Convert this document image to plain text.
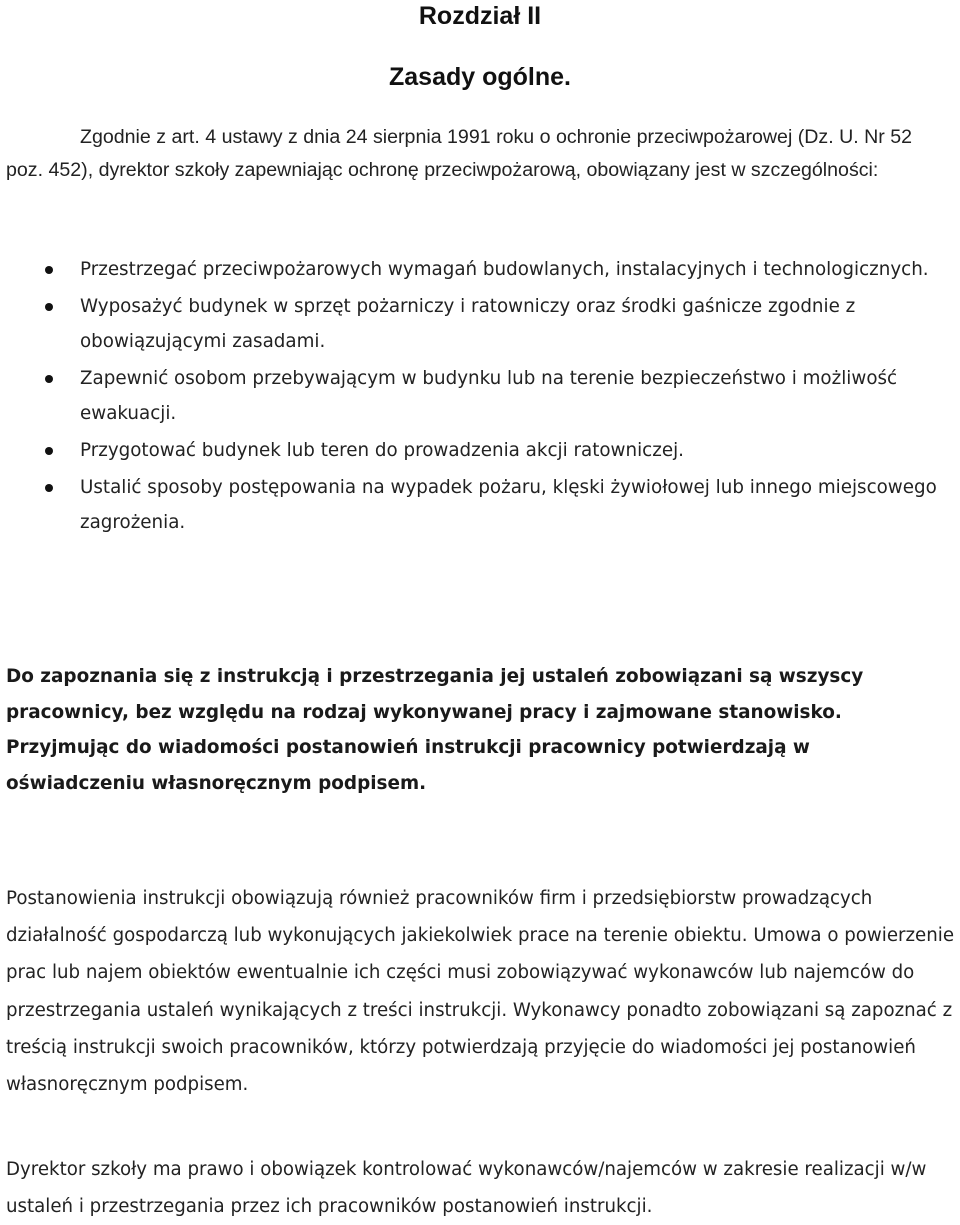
Rozdział II
Zasady ogólne.

Zgodnie z art. 4 ustawy z dnia 24 sierpnia 1991 roku o ochronie przeciwpożarowej (Dz. U. Nr 52 poz. 452), dyrektor szkoły zapewniając ochronę przeciwpożarową, obowiązany jest w szczególności:

Przestrzegać przeciwpożarowych wymagań budowlanych, instalacyjnych i technologicznych.
Wyposażyć budynek w sprzęt pożarniczy i ratowniczy oraz środki gaśnicze zgodnie z obowiązującymi zasadami.
Zapewnić osobom przebywającym w budynku lub na terenie bezpieczeństwo i możliwość ewakuacji.
Przygotować budynek lub teren do prowadzenia akcji ratowniczej.
Ustalić sposoby postępowania na wypadek pożaru, klęski żywiołowej lub innego miejscowego zagrożenia.

Do zapoznania się z instrukcją i przestrzegania jej ustaleń zobowiązani są wszyscy pracownicy, bez względu na rodzaj wykonywanej pracy i zajmowane stanowisko. Przyjmując do wiadomości postanowień instrukcji pracownicy potwierdzają w oświadczeniu własnoręcznym podpisem.

Postanowienia instrukcji obowiązują również pracowników firm i przedsiębiorstw prowadzących działalność gospodarczą lub wykonujących jakiekolwiek prace na terenie obiektu. Umowa o powierzenie prac lub najem obiektów ewentualnie ich części musi zobowiązywać wykonawców lub najemców do przestrzegania ustaleń wynikających z treści instrukcji. Wykonawcy ponadto zobowiązani są zapoznać z treścią instrukcji swoich pracowników, którzy potwierdzają przyjęcie do wiadomości jej postanowień własnoręcznym podpisem.

Dyrektor szkoły ma prawo i obowiązek kontrolować wykonawców/najemców w zakresie realizacji w/w ustaleń i przestrzegania przez ich pracowników postanowień instrukcji.
